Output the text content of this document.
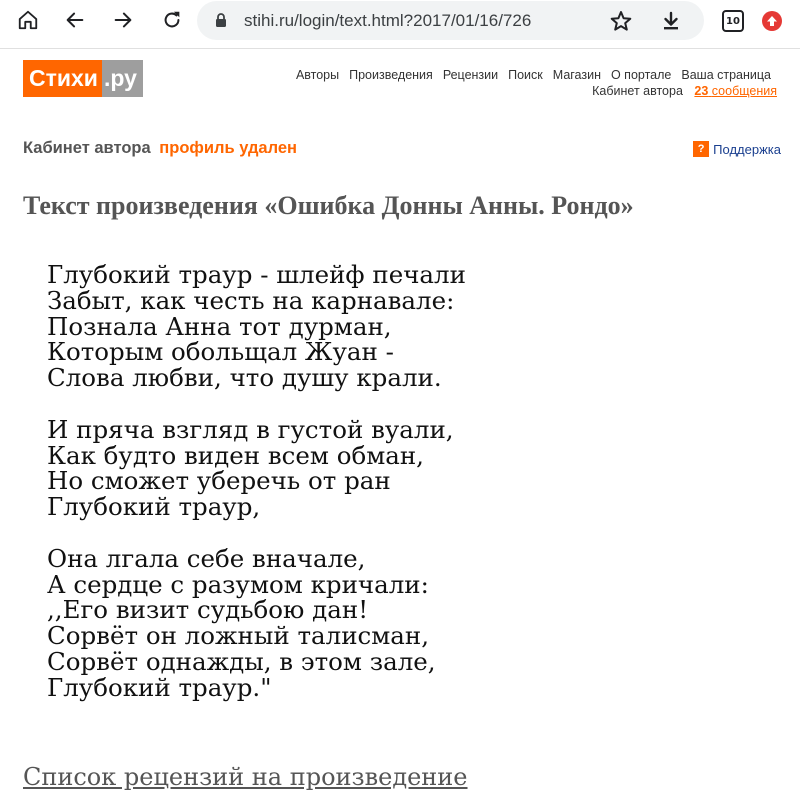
stihi.ru/login/text.html?2017/01/16/726	10
Стихи .ру	Авторы Произведения Рецензии Поиск Магазин О портале Ваша страница
Кабинет автора 23 сообщения
Кабинет автора профиль удален	? Поддержка
Текст произведения «Ошибка Донны Анны. Рондо»
Глубокий траур - шлейф печали
Забыт, как честь на карнавале:
Познала Анна тот дурман,
Которым обольщал Жуан -
Слова любви, что душу крали.
И пряча взгляд в густой вуали,
Как будто виден всем обман,
Но сможет уберечь от ран
Глубокий траур,
Она лгала себе вначале,
А сердце с разумом кричали:
,,Его визит судьбою дан!
Сорвёт он ложный талисман,
Сорвёт однажды, в этом зале,
Глубокий траур."
Список рецензий на произведение
